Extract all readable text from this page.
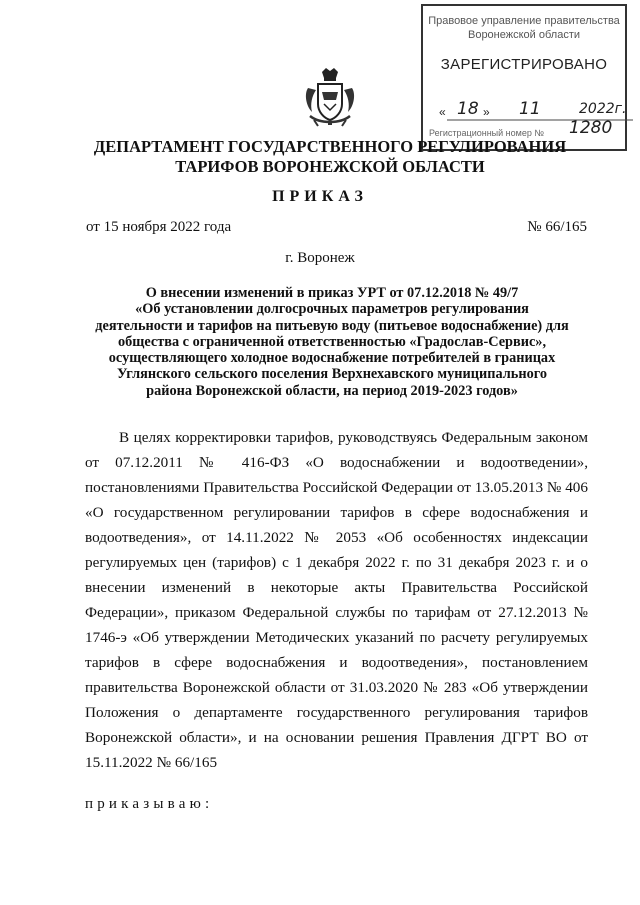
Правовое управление правительства
Воронежской области
ЗАРЕГИСТРИРОВАНО
« 18 » 11	2022г.
Регистрационный номер № 1280
ДЕПАРТАМЕНТ ГОСУДАРСТВЕННОГО РЕГУЛИРОВАНИЯ
ТАРИФОВ ВОРОНЕЖСКОЙ ОБЛАСТИ
ПРИКАЗ
от 15 ноября 2022 года	№ 66/165
г. Воронеж
О внесении изменений в приказ УРТ от 07.12.2018 № 49/7
«Об установлении долгосрочных параметров регулирования
деятельности и тарифов на питьевую воду (питьевое водоснабжение) для
общества с ограниченной ответственностью «Градослав-Сервис»,
осуществляющего холодное водоснабжение потребителей в границах
Углянского сельского поселения Верхнехавского муниципального
района Воронежской области, на период 2019-2023 годов»

В целях корректировки тарифов, руководствуясь Федеральным законом от 07.12.2011 № 416-ФЗ «О водоснабжении и водоотведении», постановлениями Правительства Российской Федерации от 13.05.2013 № 406 «О государственном регулировании тарифов в сфере водоснабжения и водоотведения», от 14.11.2022 № 2053 «Об особенностях индексации регулируемых цен (тарифов) с 1 декабря 2022 г. по 31 декабря 2023 г. и о внесении изменений в некоторые акты Правительства Российской Федерации», приказом Федеральной службы по тарифам от 27.12.2013 № 1746-э «Об утверждении Методических указаний по расчету регулируемых тарифов в сфере водоснабжения и водоотведения», постановлением правительства Воронежской области от 31.03.2020 № 283 «Об утверждении Положения о департаменте государственного регулирования тарифов Воронежской области», и на основании решения Правления ДГРТ ВО от 15.11.2022 № 66/165

приказываю:
